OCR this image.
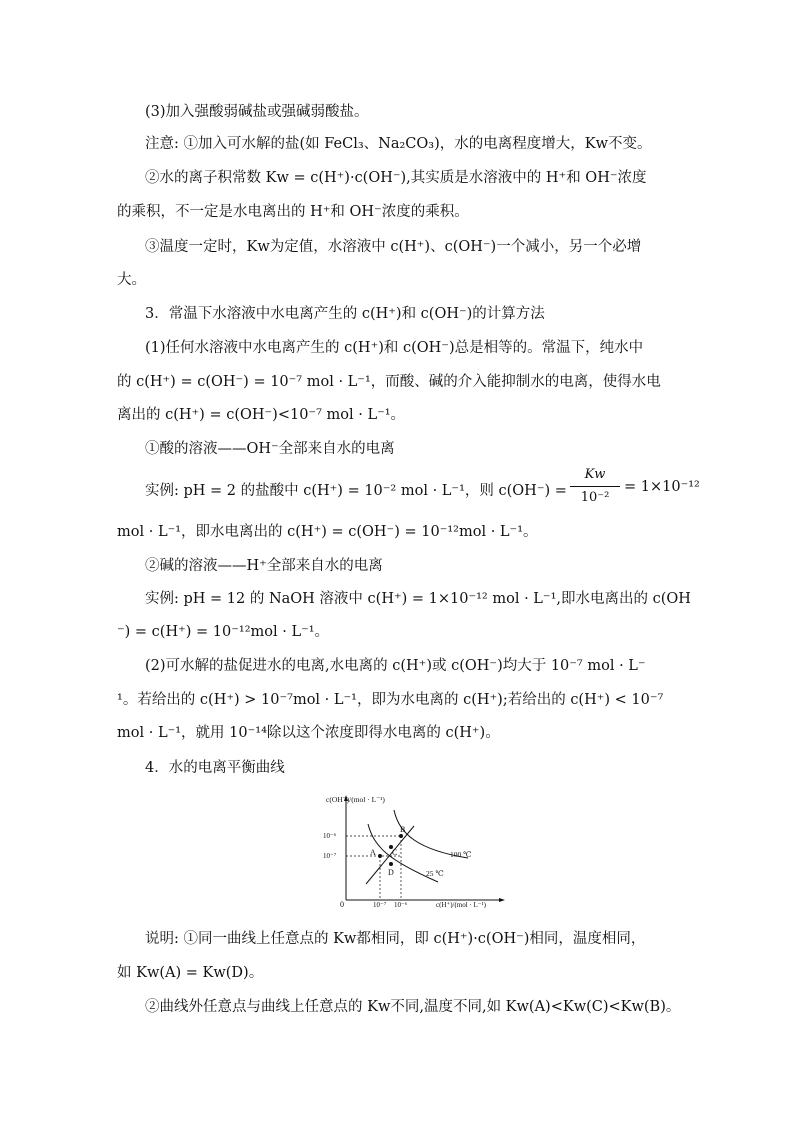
(3)加入强酸弱碱盐或强碱弱酸盐。
注意: ①加入可水解的盐(如 FeCl₃、Na₂CO₃)，水的电离程度增大，Kw不变。
②水的离子积常数 Kw = c(H⁺)·c(OH⁻),其实质是水溶液中的 H⁺和 OH⁻浓度
的乘积，不一定是水电离出的 H⁺和 OH⁻浓度的乘积。
③温度一定时，Kw为定值，水溶液中 c(H⁺)、c(OH⁻)一个减小，另一个必增
大。
3．常温下水溶液中水电离产生的 c(H⁺)和 c(OH⁻)的计算方法
(1)任何水溶液中水电离产生的 c(H⁺)和 c(OH⁻)总是相等的。常温下，纯水中
的 c(H⁺) = c(OH⁻) = 10⁻⁷ mol · L⁻¹，而酸、碱的介入能抑制水的电离，使得水电
离出的 c(H⁺) = c(OH⁻)<10⁻⁷ mol · L⁻¹。
①酸的溶液——OH⁻全部来自水的电离
实例: pH = 2 的盐酸中 c(H⁺) = 10⁻² mol · L⁻¹，则 c(OH⁻) =
Kw
10⁻²
= 1×10⁻¹²
mol · L⁻¹，即水电离出的 c(H⁺) = c(OH⁻) = 10⁻¹²mol · L⁻¹。
②碱的溶液——H⁺全部来自水的电离
实例: pH = 12 的 NaOH 溶液中 c(H⁺) = 1×10⁻¹² mol · L⁻¹,即水电离出的 c(OH
⁻) = c(H⁺) = 10⁻¹²mol · L⁻¹。
(2)可水解的盐促进水的电离,水电离的 c(H⁺)或 c(OH⁻)均大于 10⁻⁷ mol · L⁻
¹。若给出的 c(H⁺) > 10⁻⁷mol · L⁻¹，即为水电离的 c(H⁺);若给出的 c(H⁺) < 10⁻⁷
mol · L⁻¹，就用 10⁻¹⁴除以这个浓度即得水电离的 c(H⁺)。
4．水的电离平衡曲线
c(OH⁻)/(mol · L⁻¹)
c(H⁺)/(mol · L⁻¹)
0
10⁻⁶
10⁻⁷
10⁻⁷ 10⁻⁶
A
B
C
D
100 ℃
25 ℃
说明: ①同一曲线上任意点的 Kw都相同，即 c(H⁺)·c(OH⁻)相同，温度相同，
如 Kw(A) = Kw(D)。
②曲线外任意点与曲线上任意点的 Kw不同,温度不同,如 Kw(A)<Kw(C)<Kw(B)。
